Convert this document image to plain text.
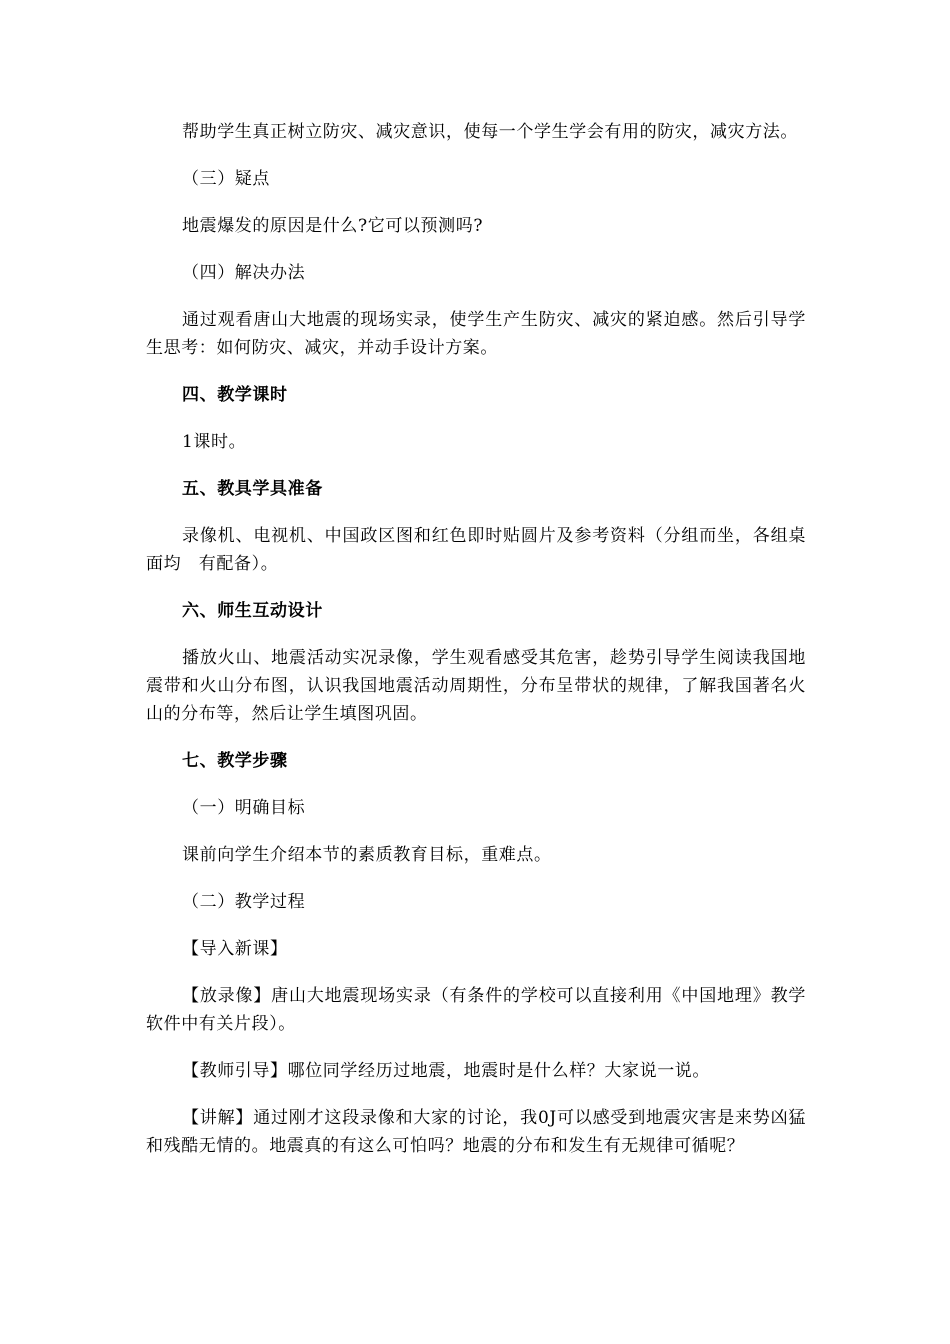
帮助学生真正树立防灾、减灾意识，使每一个学生学会有用的防灾，减灾方法。

（三）疑点

地震爆发的原因是什么?它可以预测吗?

（四）解决办法

通过观看唐山大地震的现场实录，使学生产生防灾、减灾的紧迫感。然后引导学生思考：如何防灾、减灾，并动手设计方案。

四、教学课时

1课时。

五、教具学具准备

录像机、电视机、中国政区图和红色即时贴圆片及参考资料（分组而坐，各组桌面均　有配备）。

六、师生互动设计

播放火山、地震活动实况录像，学生观看感受其危害，趁势引导学生阅读我国地震带和火山分布图，认识我国地震活动周期性，分布呈带状的规律，了解我国著名火山的分布等，然后让学生填图巩固。

七、教学步骤

（一）明确目标

课前向学生介绍本节的素质教育目标，重难点。

（二）教学过程

【导入新课】

【放录像】唐山大地震现场实录（有条件的学校可以直接利用《中国地理》教学软件中有关片段）。

【教师引导】哪位同学经历过地震，地震时是什么样？大家说一说。

【讲解】通过刚才这段录像和大家的讨论，我0J可以感受到地震灾害是来势凶猛和残酷无情的。地震真的有这么可怕吗？地震的分布和发生有无规律可循呢？
